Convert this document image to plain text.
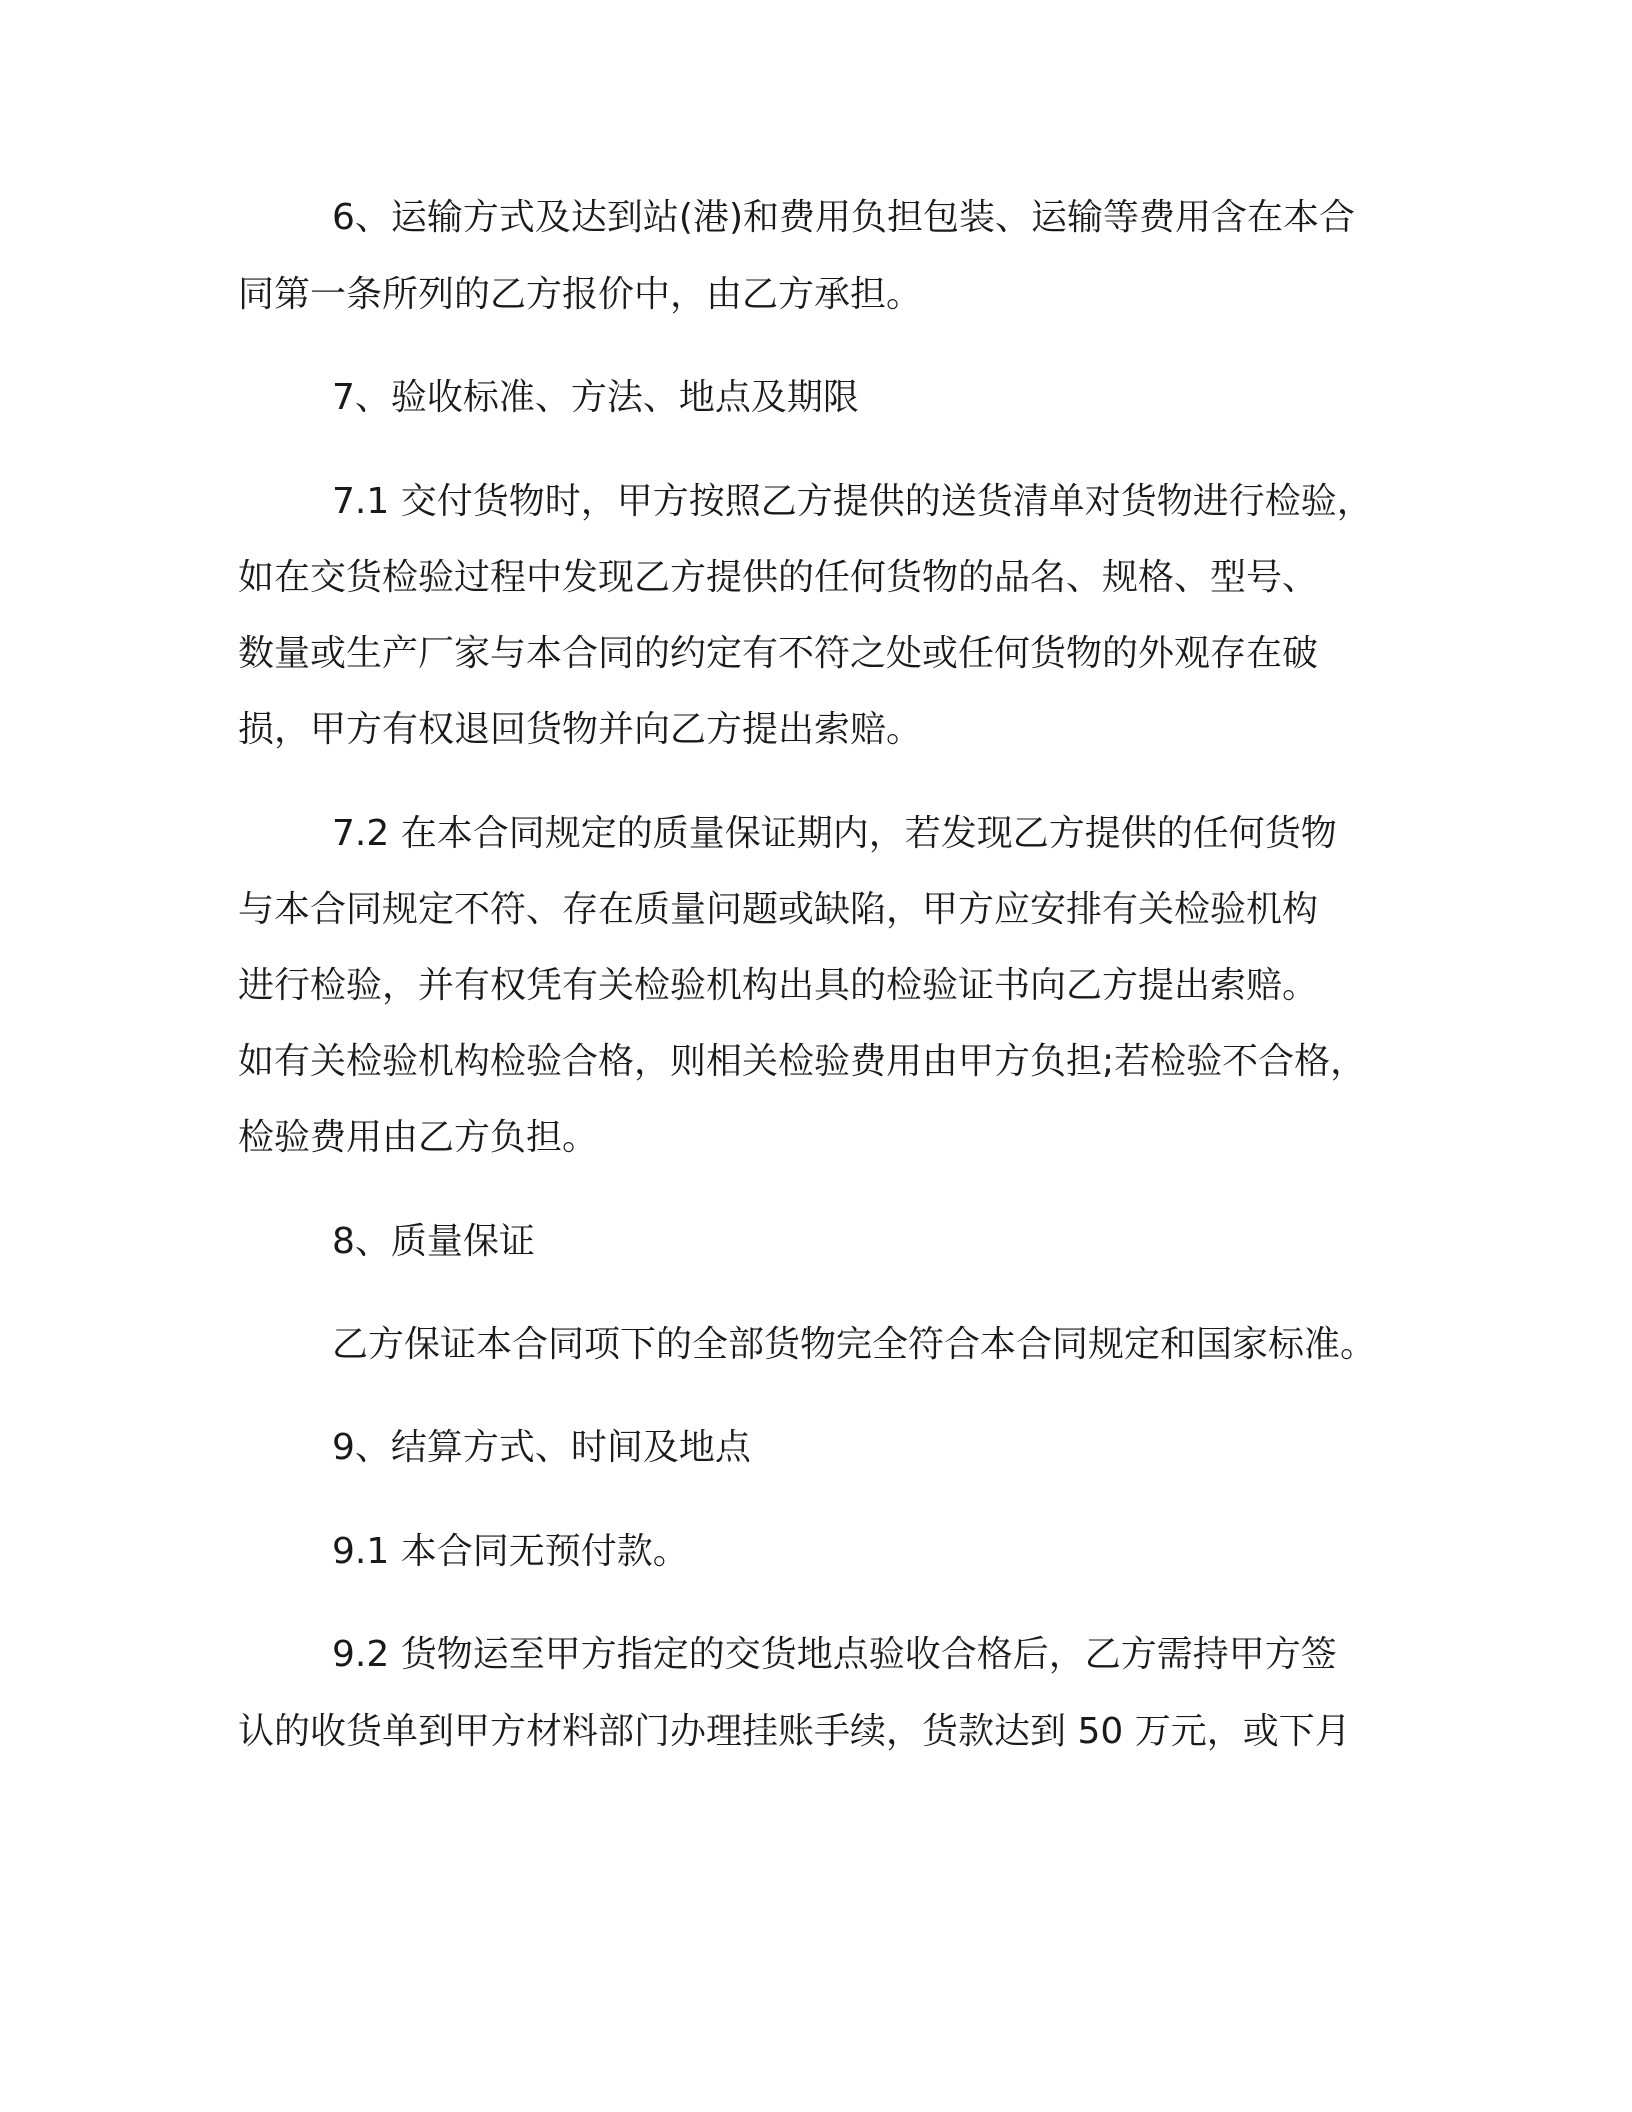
6、运输方式及达到站(港)和费用负担包装、运输等费用含在本合

同第一条所列的乙方报价中，由乙方承担。

7、验收标准、方法、地点及期限

7.1 交付货物时，甲方按照乙方提供的送货清单对货物进行检验，

如在交货检验过程中发现乙方提供的任何货物的品名、规格、型号、

数量或生产厂家与本合同的约定有不符之处或任何货物的外观存在破

损，甲方有权退回货物并向乙方提出索赔。

7.2 在本合同规定的质量保证期内，若发现乙方提供的任何货物

与本合同规定不符、存在质量问题或缺陷，甲方应安排有关检验机构

进行检验，并有权凭有关检验机构出具的检验证书向乙方提出索赔。

如有关检验机构检验合格，则相关检验费用由甲方负担;若检验不合格，

检验费用由乙方负担。

8、质量保证

乙方保证本合同项下的全部货物完全符合本合同规定和国家标准。

9、结算方式、时间及地点

9.1 本合同无预付款。

9.2 货物运至甲方指定的交货地点验收合格后，乙方需持甲方签

认的收货单到甲方材料部门办理挂账手续，货款达到 50 万元，或下月
